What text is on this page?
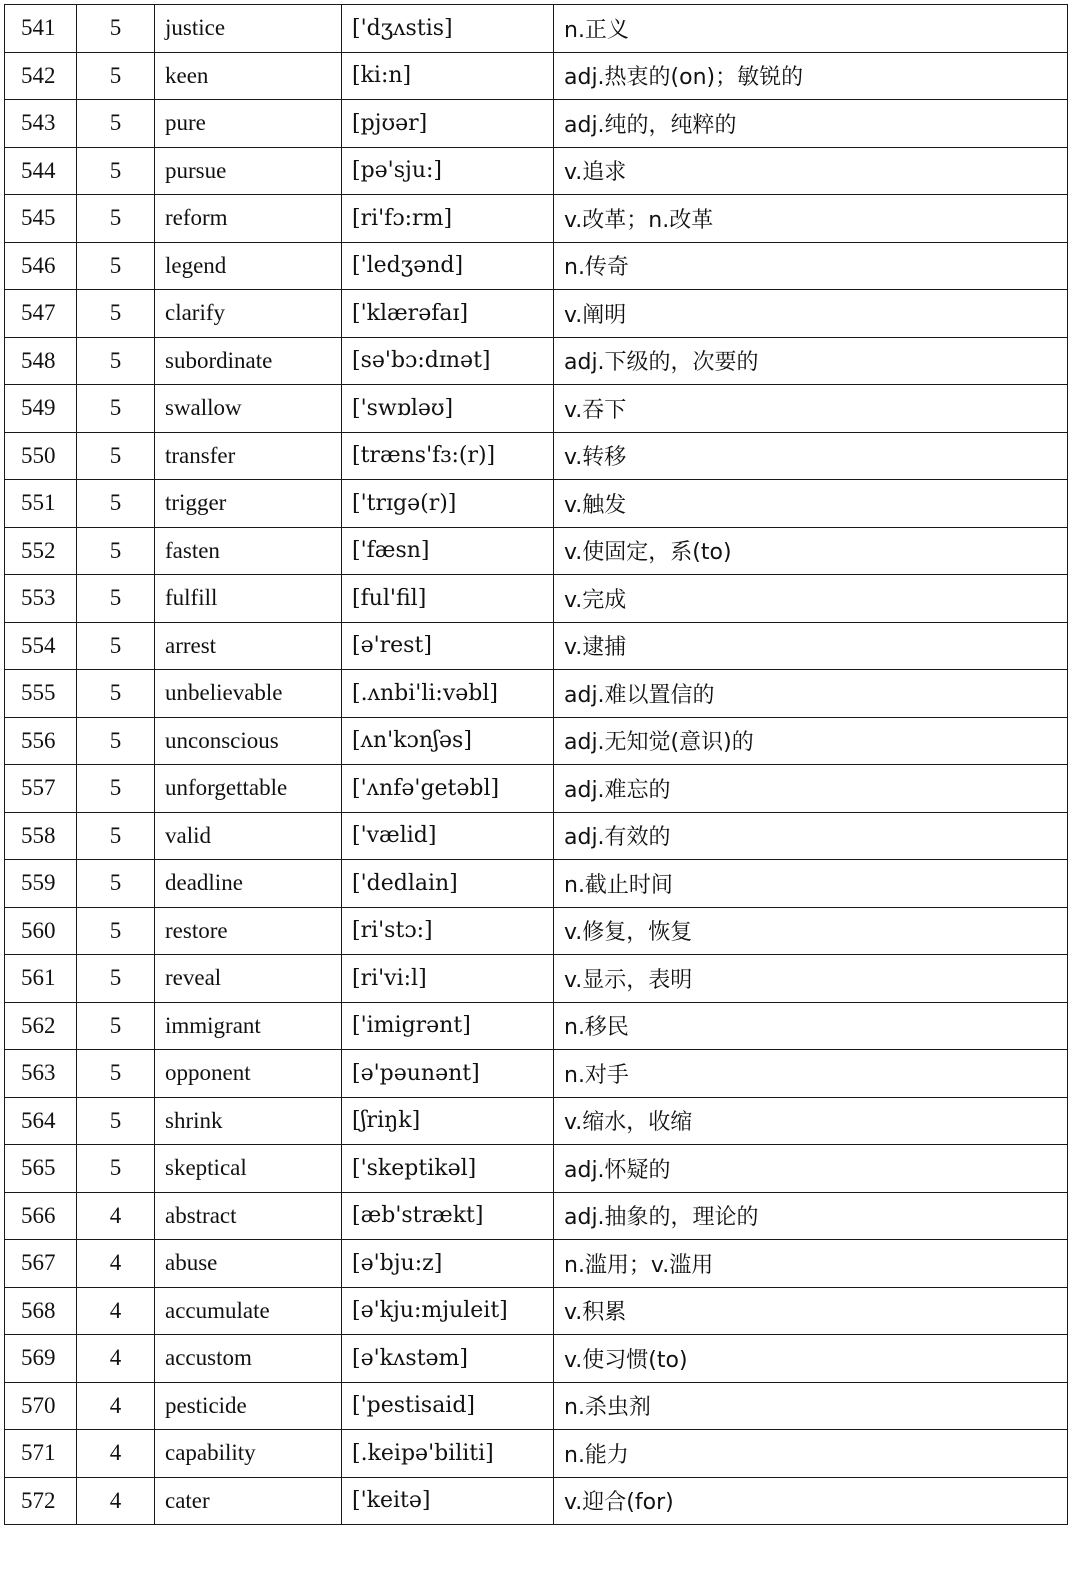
541	5	justice	['dʒʌstis]	n.正义
542	5	keen	[ki:n]	adj.热衷的(on)；敏锐的
543	5	pure	[pjʊər]	adj.纯的，纯粹的
544	5	pursue	[pə'sju:]	v.追求
545	5	reform	[ri'fɔ:rm]	v.改革；n.改革
546	5	legend	['ledʒənd]	n.传奇
547	5	clarify	['klærəfaɪ]	v.阐明
548	5	subordinate	[sə'bɔ:dɪnət]	adj.下级的，次要的
549	5	swallow	['swɒləʊ]	v.吞下
550	5	transfer	[træns'fɜ:(r)]	v.转移
551	5	trigger	['trɪgə(r)]	v.触发
552	5	fasten	['fæsn]	v.使固定，系(to)
553	5	fulfill	[ful'fil]	v.完成
554	5	arrest	[ə'rest]	v.逮捕
555	5	unbelievable	[.ʌnbi'li:vəbl]	adj.难以置信的
556	5	unconscious	[ʌn'kɔnʃəs]	adj.无知觉(意识)的
557	5	unforgettable	['ʌnfə'getəbl]	adj.难忘的
558	5	valid	['vælid]	adj.有效的
559	5	deadline	['dedlain]	n.截止时间
560	5	restore	[ri'stɔ:]	v.修复，恢复
561	5	reveal	[ri'vi:l]	v.显示，表明
562	5	immigrant	['imigrənt]	n.移民
563	5	opponent	[ə'pəunənt]	n.对手
564	5	shrink	[ʃriŋk]	v.缩水，收缩
565	5	skeptical	['skeptikəl]	adj.怀疑的
566	4	abstract	[æb'strækt]	adj.抽象的，理论的
567	4	abuse	[ə'bju:z]	n.滥用；v.滥用
568	4	accumulate	[ə'kju:mjuleit]	v.积累
569	4	accustom	[ə'kʌstəm]	v.使习惯(to)
570	4	pesticide	['pestisaid]	n.杀虫剂
571	4	capability	[.keipə'biliti]	n.能力
572	4	cater	['keitə]	v.迎合(for)
